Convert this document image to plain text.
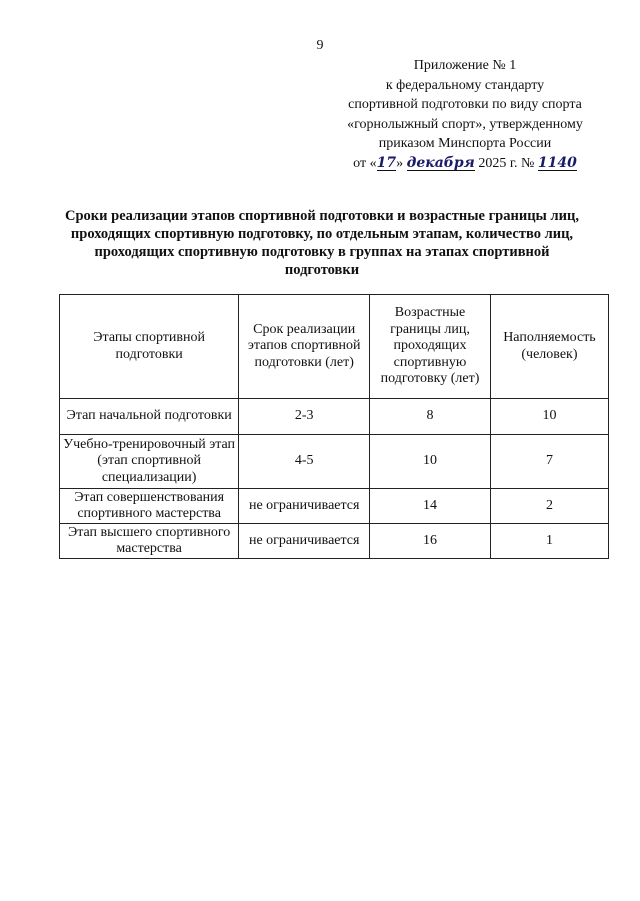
9
Приложение № 1
к федеральному стандарту
спортивной подготовки по виду спорта
«горнолыжный спорт», утвержденному
приказом Минспорта России
от «17» декабря 2025 г. № 1140
Сроки реализации этапов спортивной подготовки и возрастные границы лиц, проходящих спортивную подготовку, по отдельным этапам, количество лиц, проходящих спортивную подготовку в группах на этапах спортивной подготовки
Этапы спортивной подготовки	Срок реализации этапов спортивной подготовки (лет)	Возрастные границы лиц, проходящих спортивную подготовку (лет)	Наполняемость (человек)
Этап начальной подготовки	2-3	8	10
Учебно-тренировочный этап (этап спортивной специализации)	4-5	10	7
Этап совершенствования спортивного мастерства	не ограничивается	14	2
Этап высшего спортивного мастерства	не ограничивается	16	1
